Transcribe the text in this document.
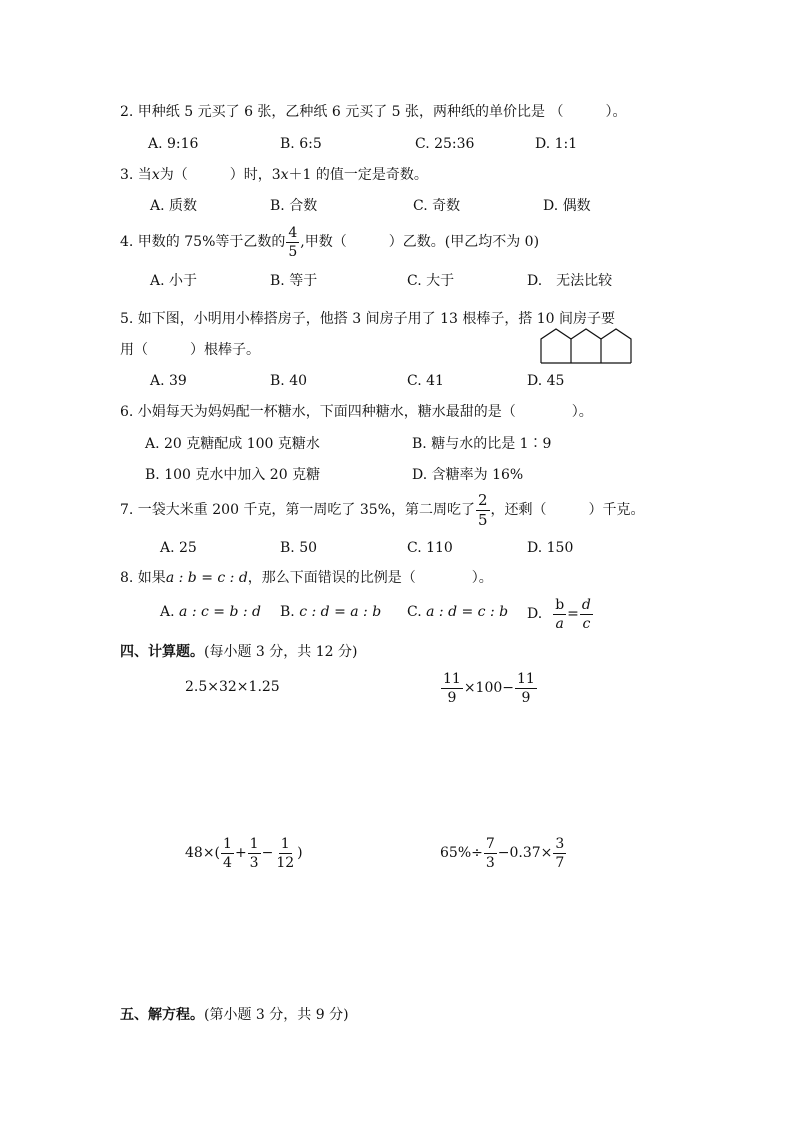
2. 甲种纸 5 元买了 6 张，乙种纸 6 元买了 5 张，两种纸的单价比是 （　　　）。
A. 9:16	B. 6:5	C. 25:36	D. 1:1
3. 当x为（　　　）时，3x＋1 的值一定是奇数。
A. 质数	B. 合数	C. 奇数	D. 偶数
4. 甲数的 75%等于乙数的 $\frac{4}{5}$ ,甲数（　　　）乙数。(甲乙均不为 0)
A. 小于	B. 等于	C. 大于	D.　无法比较
5. 如下图，小明用小棒搭房子，他搭 3 间房子用了 13 根棒子，搭 10 间房子要
用（　　　）根棒子。
A. 39	B. 40	C. 41	D. 45
6. 小娟每天为妈妈配一杯糖水，下面四种糖水，糖水最甜的是（　　　　）。
A. 20 克糖配成 100 克糖水	B. 糖与水的比是 1∶9
B. 100 克水中加入 20 克糖	D. 含糖率为 16%
7. 一袋大米重 200 千克，第一周吃了 35%，第二周吃了 $\frac{2}{5}$ ，还剩（　　　）千克。
A. 25	B. 50	C. 110	D. 150
8. 如果a : b = c : d，那么下面错误的比例是（　　　　）。
A. a : c = b : d B. c : d = a : b C. a : d = c : b D. $\frac{b}{a} = \frac{d}{c}$
四、计算题。(每小题 3 分，共 12 分)
2.5×32×1.25	$\frac{11}{9} \times 100- \frac{11}{9}$
$48\times( \frac{1}{4} + \frac{1}{3} - \frac{1}{12}$ )	$65\%\div \frac{7}{3} -0.37\times \frac{3}{7}$
五、解方程。(第小题 3 分，共 9 分)
